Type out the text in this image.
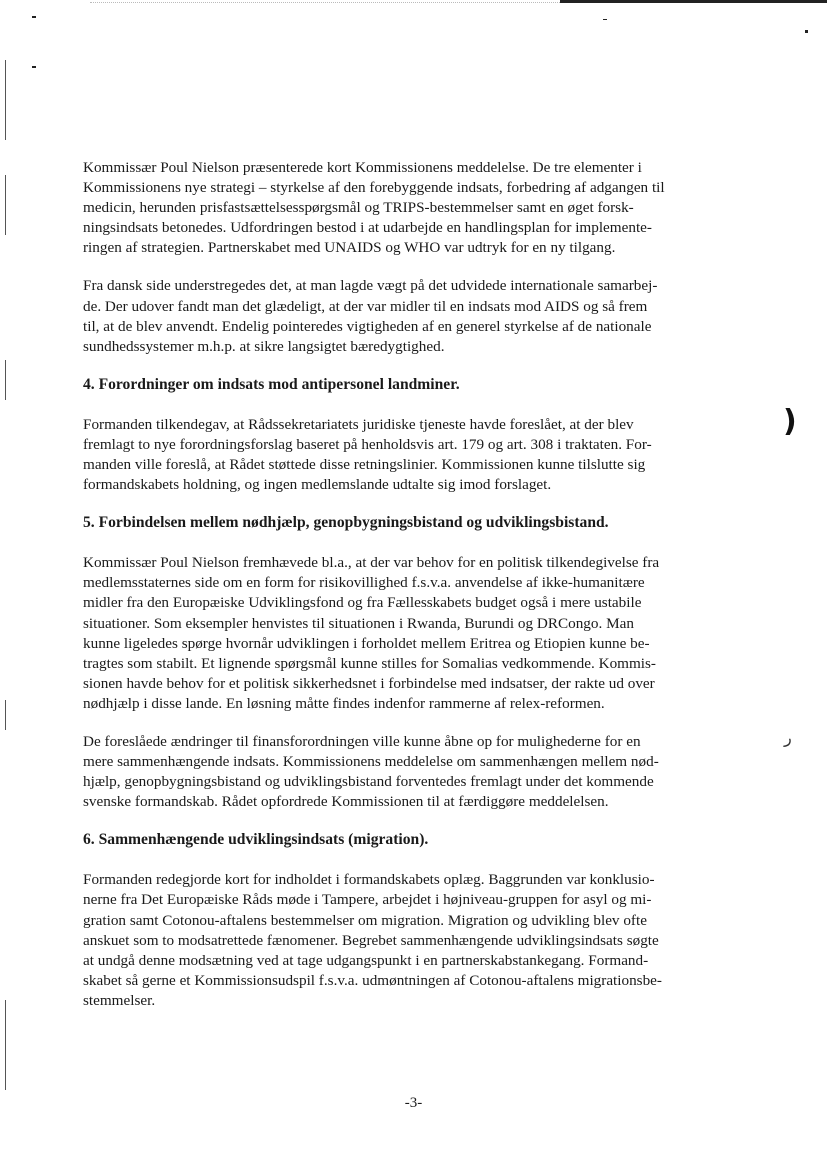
)
ر

Kommissær Poul Nielson præsenterede kort Kommissionens meddelelse. De tre elementer i
Kommissionens nye strategi – styrkelse af den forebyggende indsats, forbedring af adgangen til
medicin, herunden prisfastsættelsesspørgsmål og TRIPS-bestemmelser samt en øget forsk-
ningsindsats betonedes. Udfordringen bestod i at udarbejde en handlingsplan for implemente-
ringen af strategien. Partnerskabet med UNAIDS og WHO var udtryk for en ny tilgang.

Fra dansk side understregedes det, at man lagde vægt på det udvidede internationale samarbej-
de. Der udover fandt man det glædeligt, at der var midler til en indsats mod AIDS og så frem
til, at de blev anvendt. Endelig pointeredes vigtigheden af en generel styrkelse af de nationale
sundhedssystemer m.h.p. at sikre langsigtet bæredygtighed.

4. Forordninger om indsats mod antipersonel landminer.

Formanden tilkendegav, at Rådssekretariatets juridiske tjeneste havde foreslået, at der blev
fremlagt to nye forordningsforslag baseret på henholdsvis art. 179 og art. 308 i traktaten. For-
manden ville foreslå, at Rådet støttede disse retningslinier. Kommissionen kunne tilslutte sig
formandskabets holdning, og ingen medlemslande udtalte sig imod forslaget.

5. Forbindelsen mellem nødhjælp, genopbygningsbistand og udviklingsbistand.

Kommissær Poul Nielson fremhævede bl.a., at der var behov for en politisk tilkendegivelse fra
medlemsstaternes side om en form for risikovillighed f.s.v.a. anvendelse af ikke-humanitære
midler fra den Europæiske Udviklingsfond og fra Fællesskabets budget også i mere ustabile
situationer. Som eksempler henvistes til situationen i Rwanda, Burundi og DRCongo. Man
kunne ligeledes spørge hvornår udviklingen i forholdet mellem Eritrea og Etiopien kunne be-
tragtes som stabilt. Et lignende spørgsmål kunne stilles for Somalias vedkommende. Kommis-
sionen havde behov for et politisk sikkerhedsnet i forbindelse med indsatser, der rakte ud over
nødhjælp i disse lande. En løsning måtte findes indenfor rammerne af relex-reformen.

De foreslåede ændringer til finansforordningen ville kunne åbne op for mulighederne for en
mere sammenhængende indsats. Kommissionens meddelelse om sammenhængen mellem nød-
hjælp, genopbygningsbistand og udviklingsbistand forventedes fremlagt under det kommende
svenske formandskab. Rådet opfordrede Kommissionen til at færdiggøre meddelelsen.

6. Sammenhængende udviklingsindsats (migration).

Formanden redegjorde kort for indholdet i formandskabets oplæg. Baggrunden var konklusio-
nerne fra Det Europæiske Råds møde i Tampere, arbejdet i højniveau-gruppen for asyl og mi-
gration samt Cotonou-aftalens bestemmelser om migration. Migration og udvikling blev ofte
anskuet som to modsatrettede fænomener. Begrebet sammenhængende udviklingsindsats søgte
at undgå denne modsætning ved at tage udgangspunkt i en partnerskabstankegang. Formand-
skabet så gerne et Kommissionsudspil f.s.v.a. udmøntningen af Cotonou-aftalens migrationsbe-
stemmelser.

-3-
